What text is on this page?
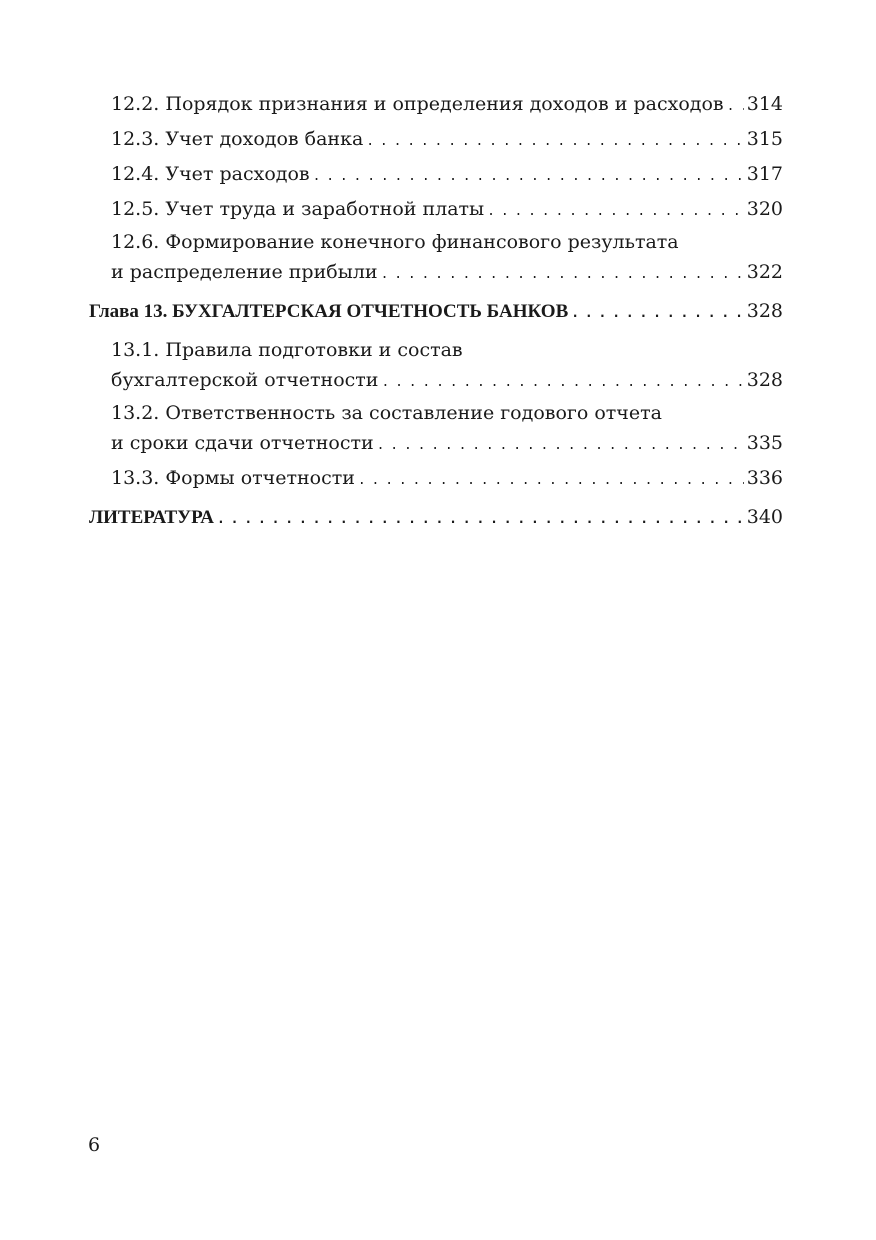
12.2. Порядок признания и определения доходов и расходов . . . 314
12.3. Учет доходов банка . . .	315
12.4. Учет расходов . . .	317
12.5. Учет труда и заработной платы . . .	320
12.6. Формирование конечного финансового результата
и распределение прибыли . . .	322
Глава 13. БУХГАЛТЕРСКАЯ ОТЧЕТНОСТЬ БАНКОВ . . .	328
13.1. Правила подготовки и состав
бухгалтерской отчетности . . .	328
13.2. Ответственность за составление годового отчета
и сроки сдачи отчетности . . .	335
13.3. Формы отчетности . . .	336
ЛИТЕРАТУРА . . .	340
6
